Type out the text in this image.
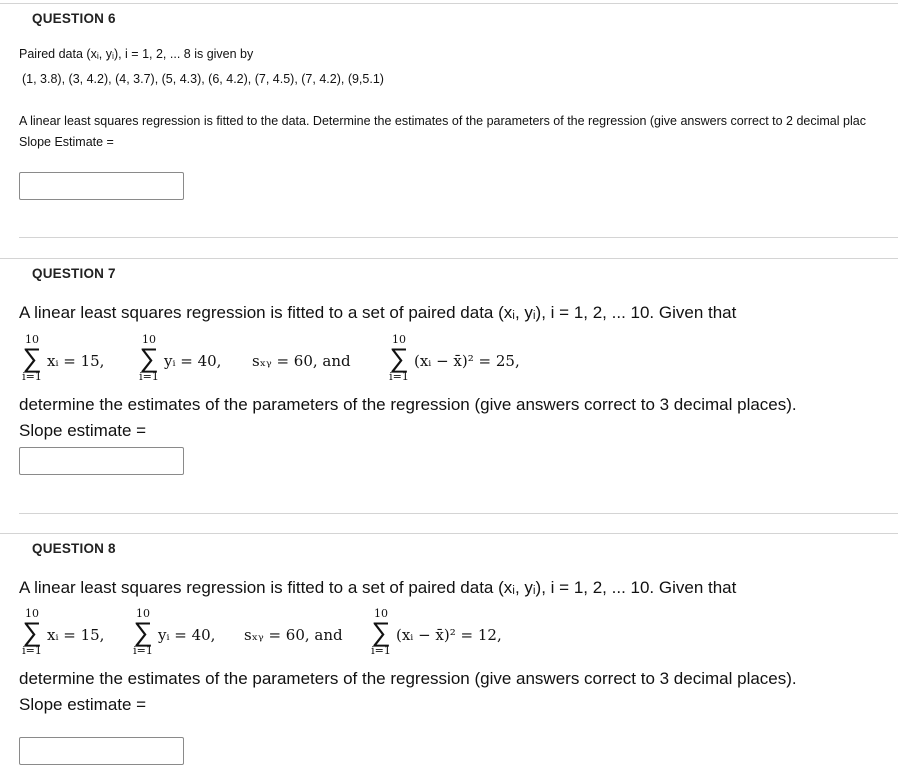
QUESTION 6
Paired data (xᵢ, yᵢ), i = 1, 2, ... 8 is given by
(1, 3.8), (3, 4.2), (4, 3.7), (5, 4.3), (6, 4.2), (7, 4.5), (7, 4.2), (9,5.1)
A linear least squares regression is fitted to the data. Determine the estimates of the parameters of the regression (give answers correct to 2 decimal plac
Slope Estimate =
QUESTION 7
A linear least squares regression is fitted to a set of paired data (xᵢ, yᵢ), i = 1, 2, ... 10. Given that
10
∑
i=1
xᵢ = 15,
10
∑
i=1
yᵢ = 40, sₓᵧ = 60, and
10
∑
i=1
(xᵢ − x̄)² = 25,
determine the estimates of the parameters of the regression (give answers correct to 3 decimal places).
Slope estimate =
QUESTION 8
A linear least squares regression is fitted to a set of paired data (xᵢ, yᵢ), i = 1, 2, ... 10. Given that
10
∑
i=1
xᵢ = 15,
10
∑
i=1
yᵢ = 40, sₓᵧ = 60, and
10
∑
i=1
(xᵢ − x̄)² = 12,
determine the estimates of the parameters of the regression (give answers correct to 3 decimal places).
Slope estimate =
